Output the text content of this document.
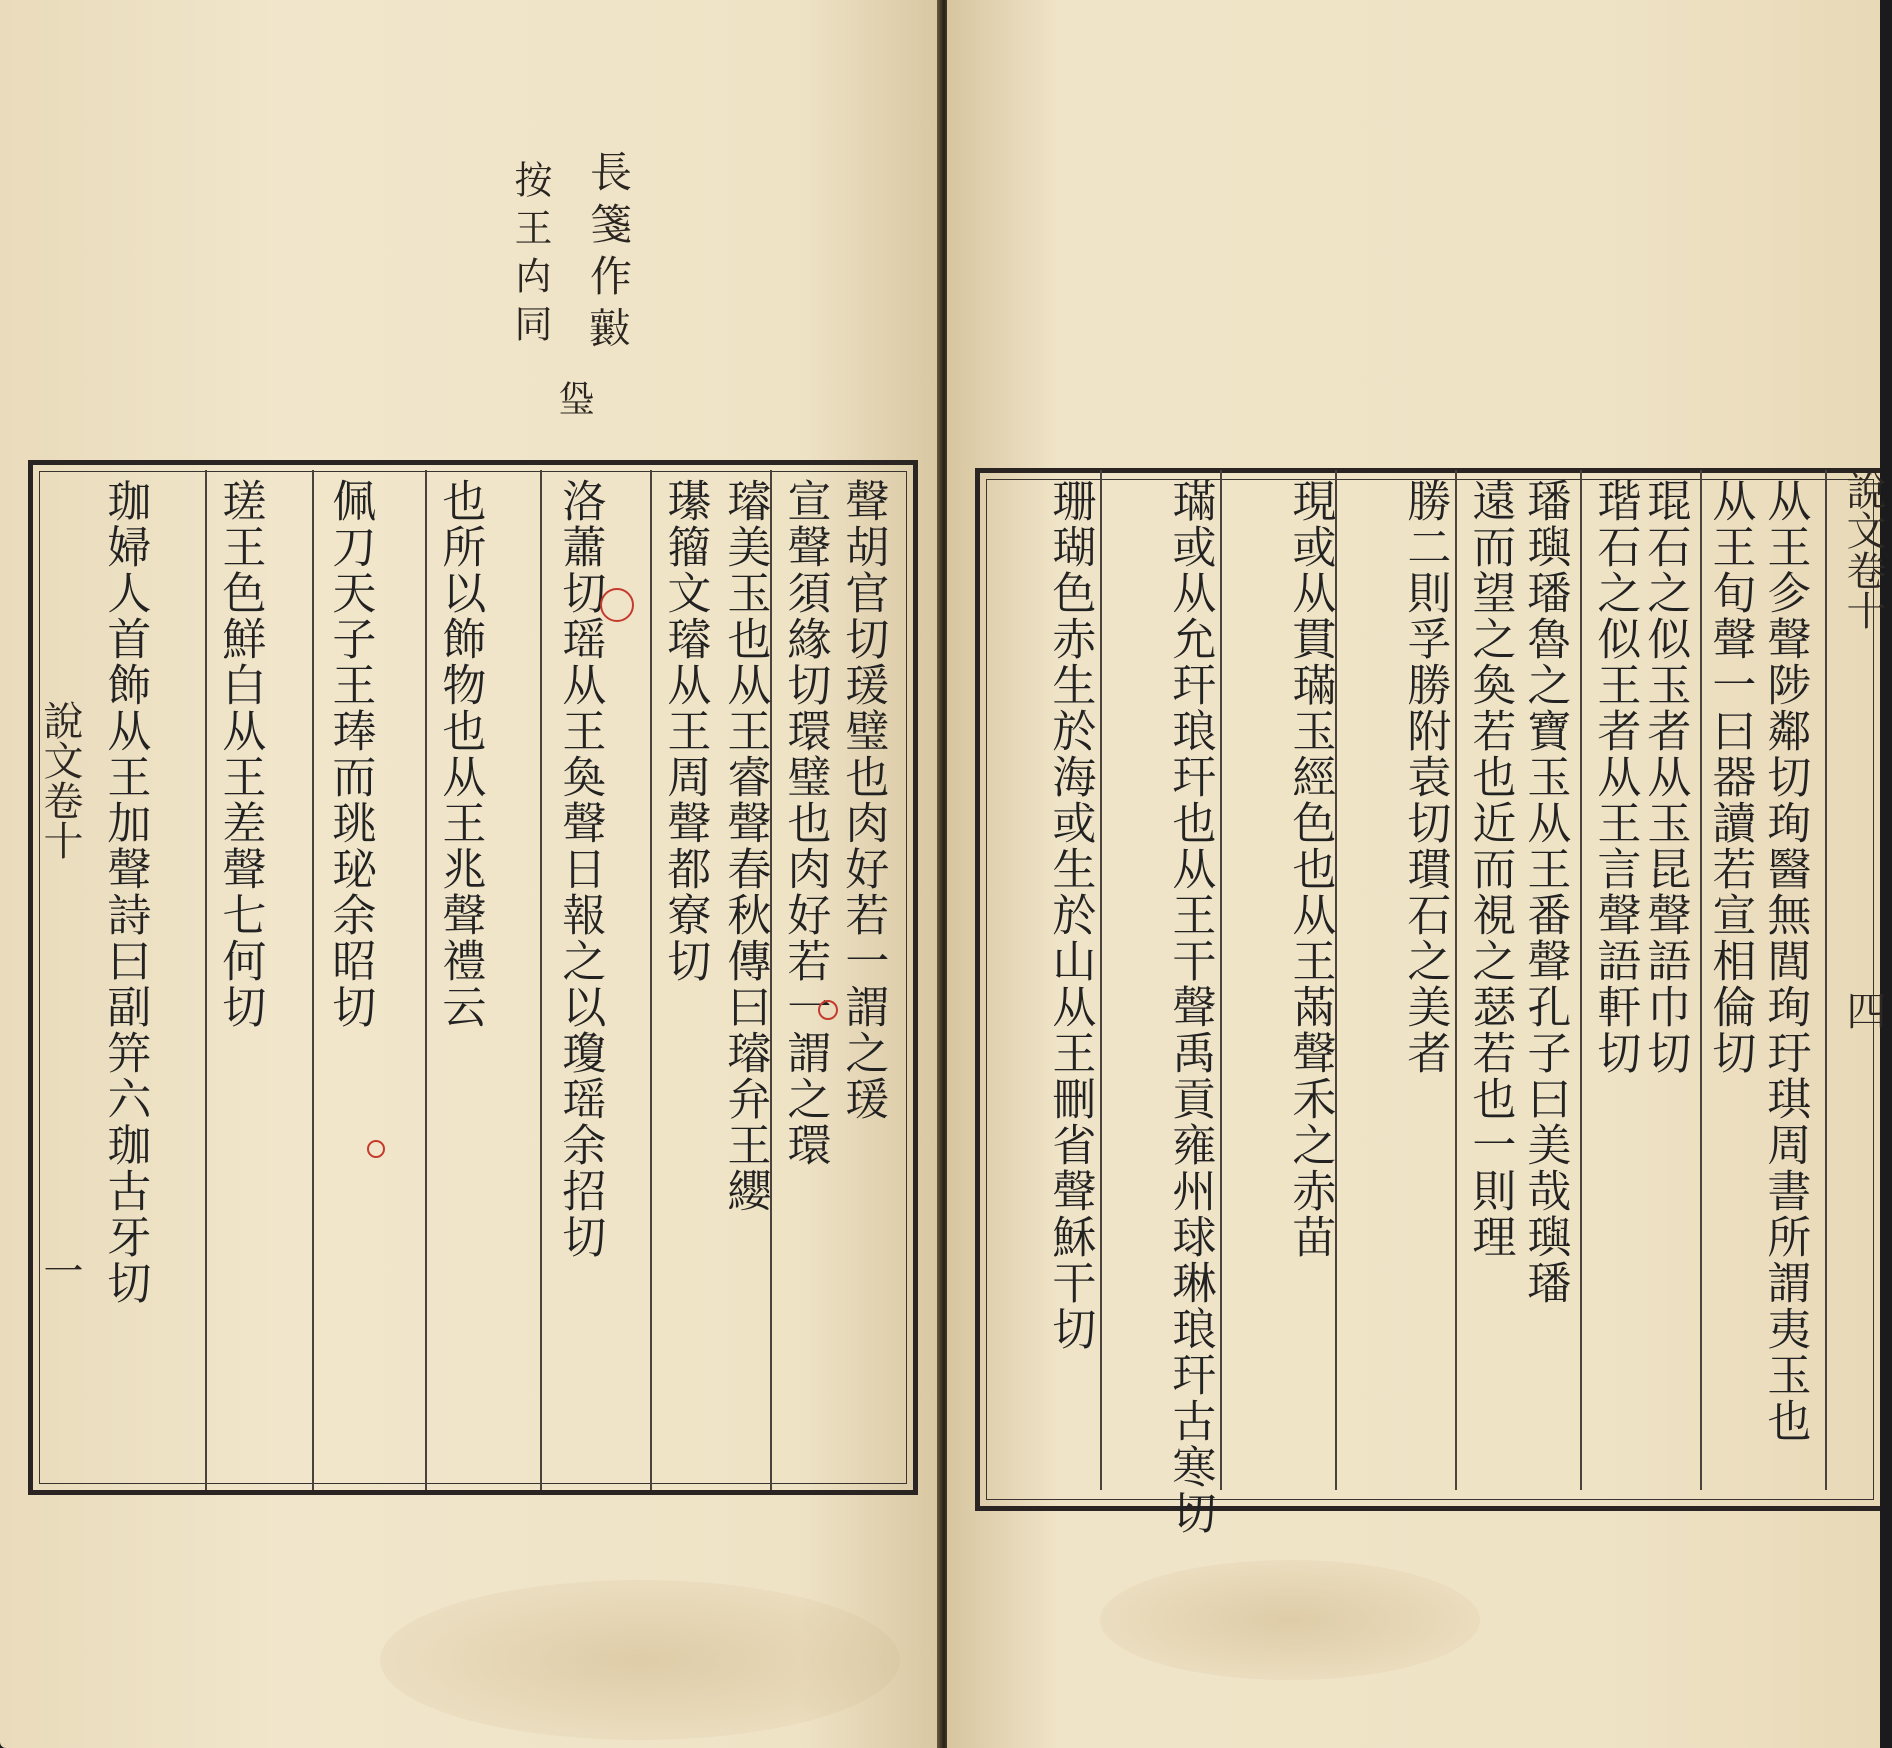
長箋作𣀮
㺸
按王禸同
說文卷十
一
聲胡官切瑗璧也肉好若一謂之瑗
宣聲須緣切環璧也肉好若一謂之環
璿美玉也从王睿聲春秋傳曰璿弁王纓
𤪌籀文璿从王周聲都寮切
洛蕭切瑶从王奐聲日報之以瓊瑶余招切
也所以飾物也从王兆聲禮云
佩刀天子王琫而珧珌余昭切
瑳王色鮮白从王差聲七何切
珈婦人首飾从王加聲詩曰副笄六珈古牙切	說文卷十
四
从王㐱聲陟鄰切珣醫無閭珣玗琪周書所謂夷玉也
从王旬聲一曰器讀若宣相倫切
琨石之似玉者从玉昆聲語巾切
瑎石之似王者从王言聲語軒切
璠璵璠魯之寶玉从王番聲孔子曰美哉璵璠
遠而望之奐若也近而視之瑟若也一則理
勝二則孚勝附袁切瑻石之美者
現或从貫璊玉經色也从王㒼聲禾之赤苗
璊或从允玕琅玕也从王干聲禹貢雍州球琳琅玕古寒切
珊瑚色赤生於海或生於山从王刪省聲穌干切
